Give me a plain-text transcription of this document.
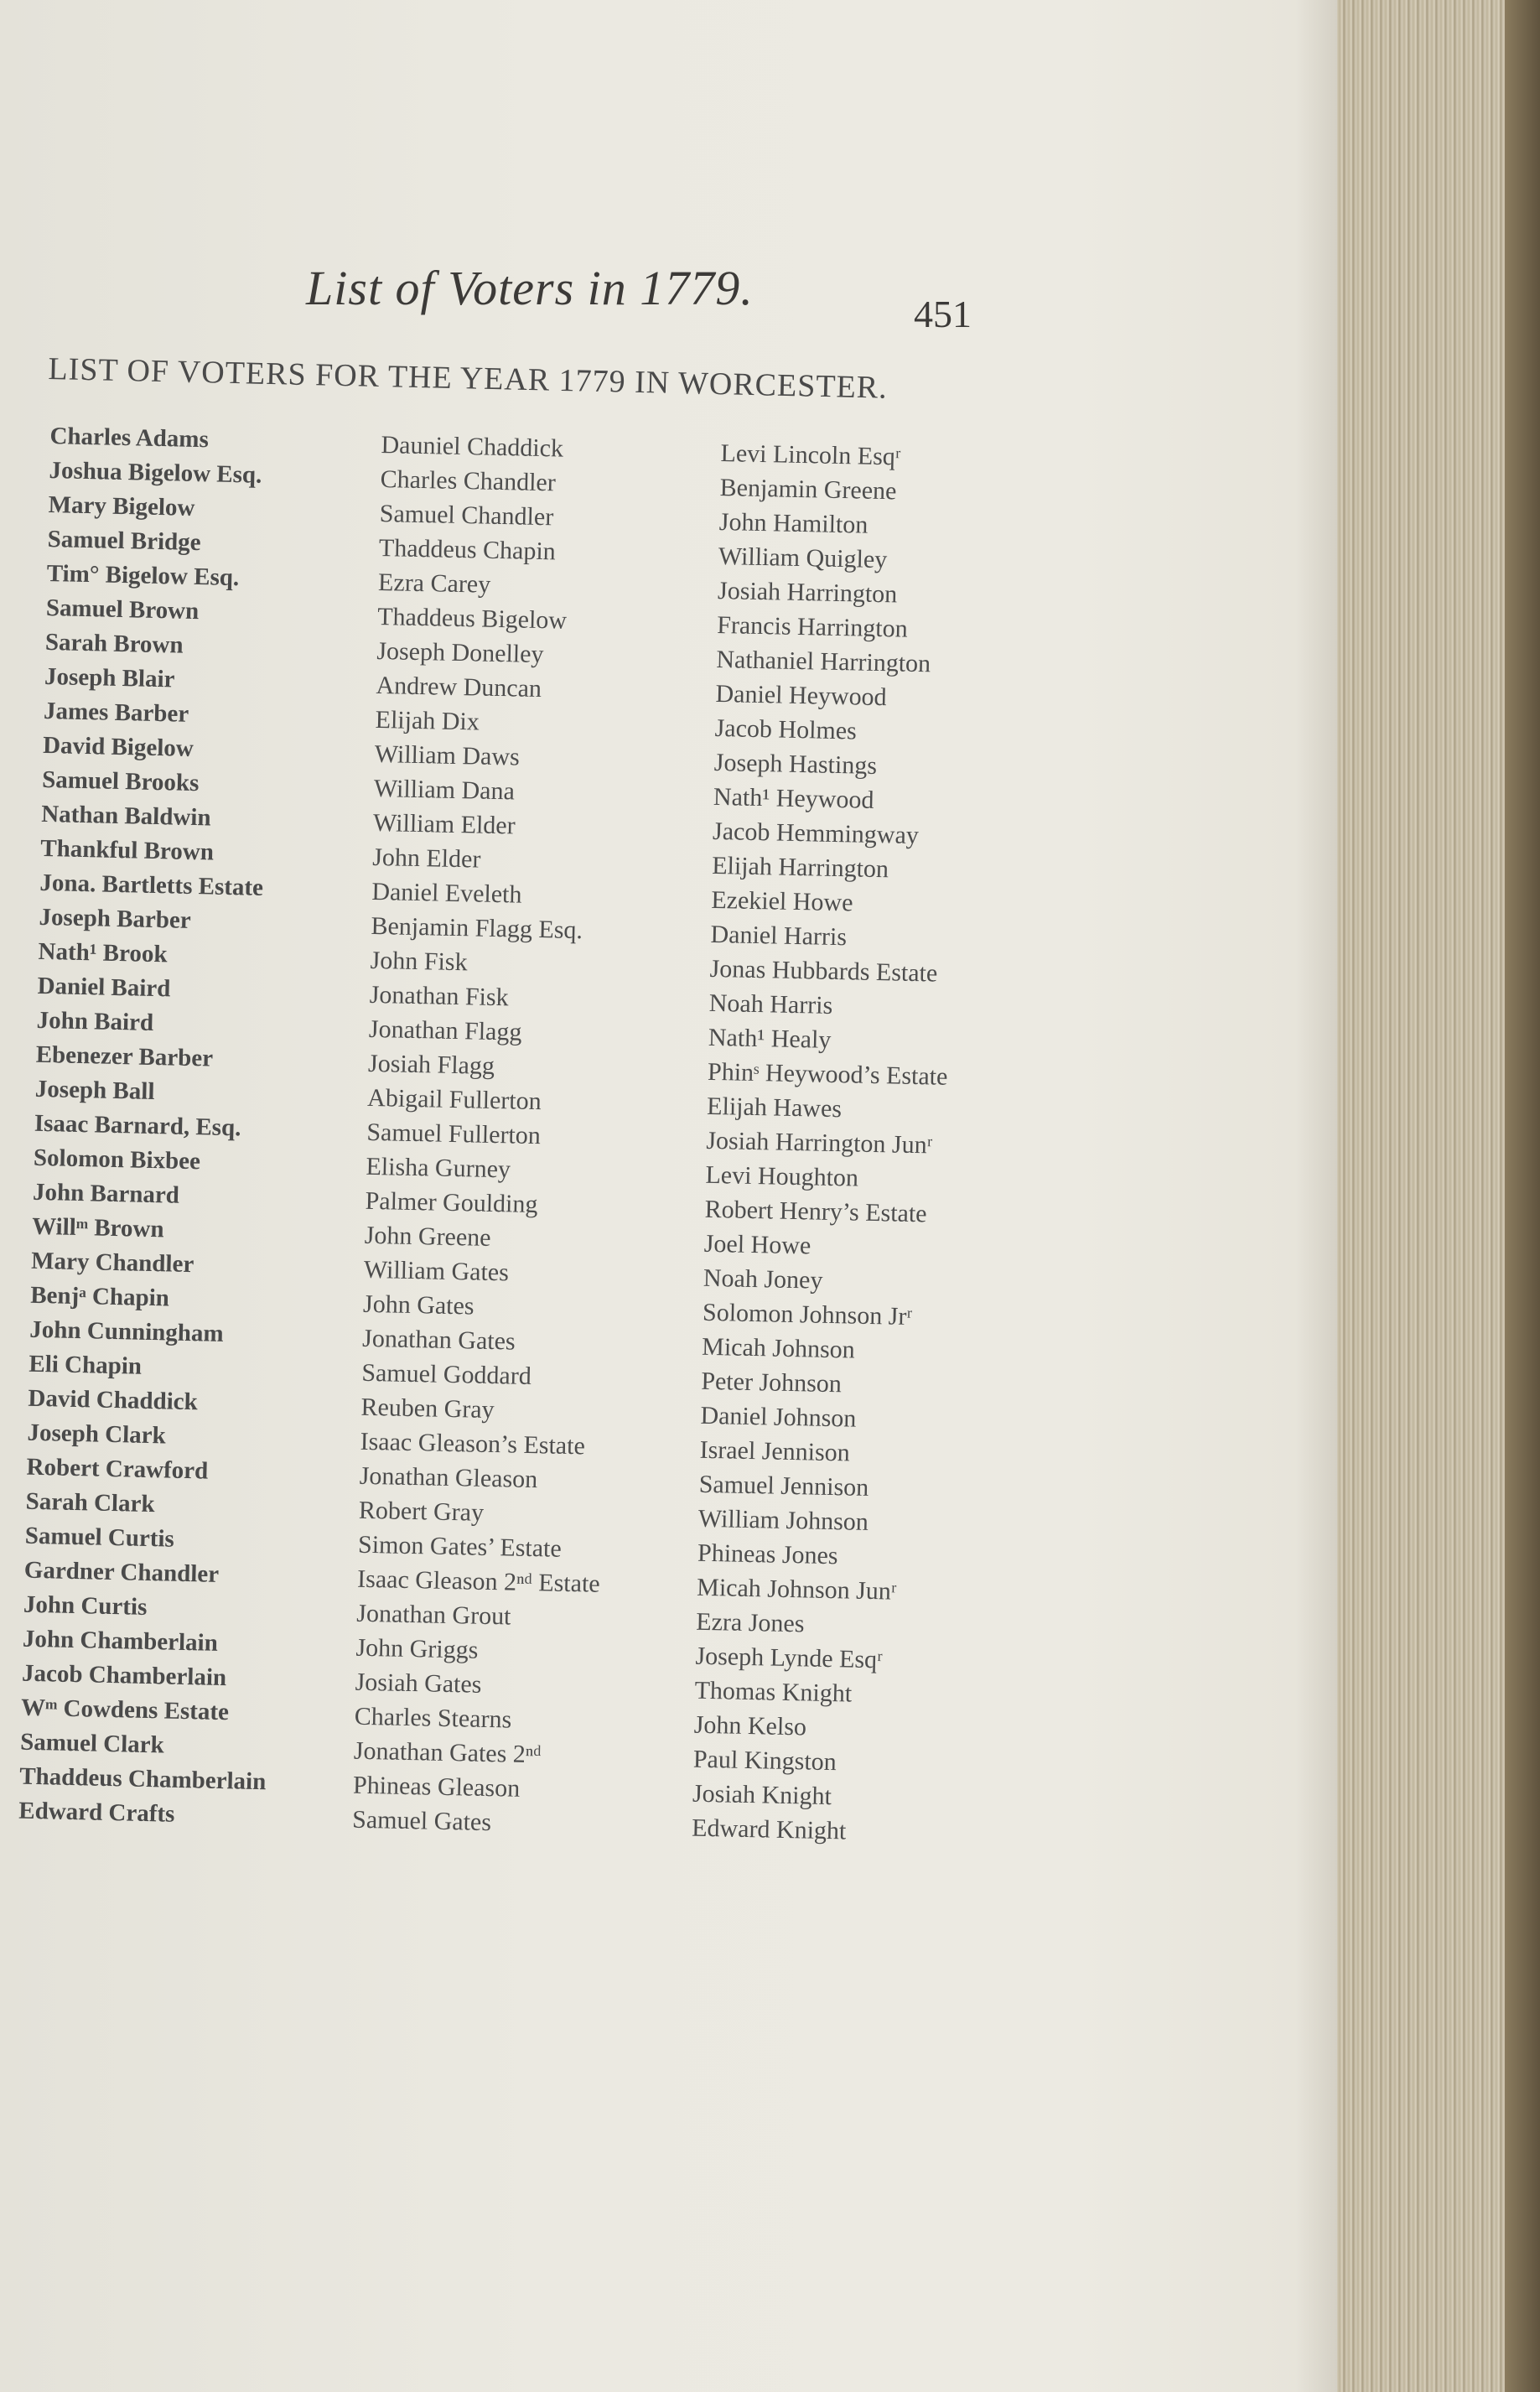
List of Voters in 1779.	451
LIST OF VOTERS FOR THE YEAR 1779 IN WORCESTER.
Charles Adams
Joshua Bigelow Esq.
Mary Bigelow
Samuel Bridge
Tim° Bigelow Esq.
Samuel Brown
Sarah Brown
Joseph Blair
James Barber
David Bigelow
Samuel Brooks
Nathan Baldwin
Thankful Brown
Jona. Bartletts Estate
Joseph Barber
Nath¹ Brook
Daniel Baird
John Baird
Ebenezer Barber
Joseph Ball
Isaac Barnard, Esq.
Solomon Bixbee
John Barnard
Willᵐ Brown
Mary Chandler
Benjᵃ Chapin
John Cunningham
Eli Chapin
David Chaddick
Joseph Clark
Robert Crawford
Sarah Clark
Samuel Curtis
Gardner Chandler
John Curtis
John Chamberlain
Jacob Chamberlain
Wᵐ Cowdens Estate
Samuel Clark
Thaddeus Chamberlain
Edward Crafts
Dauniel Chaddick
Charles Chandler
Samuel Chandler
Thaddeus Chapin
Ezra Carey
Thaddeus Bigelow
Joseph Donelley
Andrew Duncan
Elijah Dix
William Daws
William Dana
William Elder
John Elder
Daniel Eveleth
Benjamin Flagg Esq.
John Fisk
Jonathan Fisk
Jonathan Flagg
Josiah Flagg
Abigail Fullerton
Samuel Fullerton
Elisha Gurney
Palmer Goulding
John Greene
William Gates
John Gates
Jonathan Gates
Samuel Goddard
Reuben Gray
Isaac Gleason’s Estate
Jonathan Gleason
Robert Gray
Simon Gates’ Estate
Isaac Gleason 2ⁿᵈ Estate
Jonathan Grout
John Griggs
Josiah Gates
Charles Stearns
Jonathan Gates 2ⁿᵈ
Phineas Gleason
Samuel Gates
Levi Lincoln Esqʳ
Benjamin Greene
John Hamilton
William Quigley
Josiah Harrington
Francis Harrington
Nathaniel Harrington
Daniel Heywood
Jacob Holmes
Joseph Hastings
Nath¹ Heywood
Jacob Hemmingway
Elijah Harrington
Ezekiel Howe
Daniel Harris
Jonas Hubbards Estate
Noah Harris
Nath¹ Healy
Phinˢ Heywood’s Estate
Elijah Hawes
Josiah Harrington Junʳ
Levi Houghton
Robert Henry’s Estate
Joel Howe
Noah Joney
Solomon Johnson Jrʳ
Micah Johnson
Peter Johnson
Daniel Johnson
Israel Jennison
Samuel Jennison
William Johnson
Phineas Jones
Micah Johnson Junʳ
Ezra Jones
Joseph Lynde Esqʳ
Thomas Knight
John Kelso
Paul Kingston
Josiah Knight
Edward Knight
